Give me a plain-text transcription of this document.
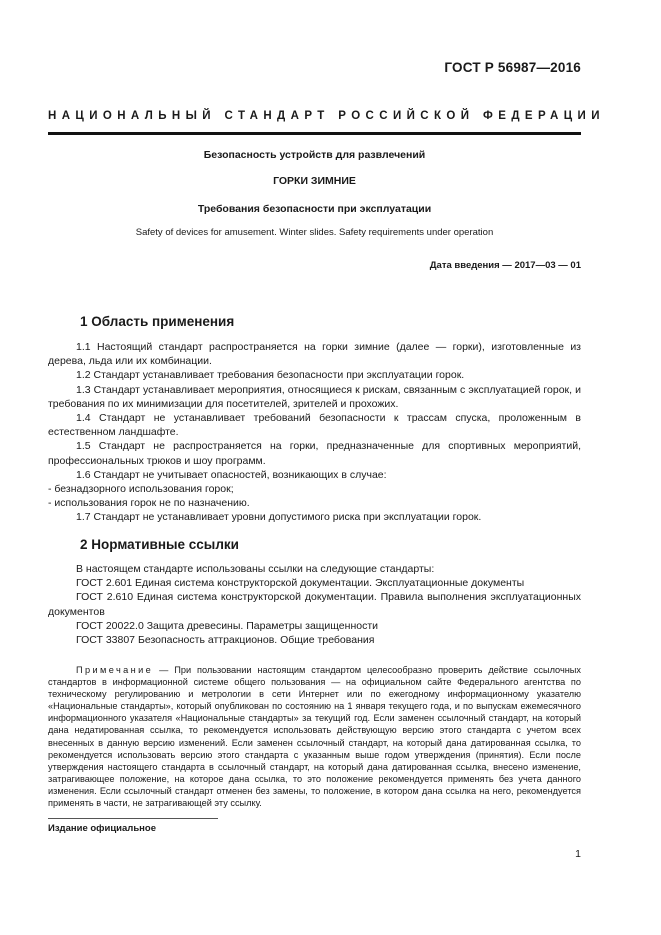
ГОСТ Р 56987—2016
НАЦИОНАЛЬНЫЙ СТАНДАРТ РОССИЙСКОЙ ФЕДЕРАЦИИ
Безопасность устройств для развлечений
ГОРКИ ЗИМНИЕ
Требования безопасности при эксплуатации
Safety of devices for amusement. Winter slides. Safety requirements under operation
Дата введения — 2017—03 — 01
1 Область применения

1.1 Настоящий стандарт распространяется на горки зимние (далее — горки), изготовленные из дерева, льда или их комбинации.

1.2 Стандарт устанавливает требования безопасности при эксплуатации горок.

1.3 Стандарт устанавливает мероприятия, относящиеся к рискам, связанным с эксплуатацией горок, и требования по их минимизации для посетителей, зрителей и прохожих.

1.4 Стандарт не устанавливает требований безопасности к трассам спуска, проложенным в естественном ландшафте.

1.5 Стандарт не распространяется на горки, предназначенные для спортивных мероприятий, профессиональных трюков и шоу программ.

1.6 Стандарт не учитывает опасностей, возникающих в случае:

- безнадзорного использования горок;

- использования горок не по назначению.

1.7 Стандарт не устанавливает уровни допустимого риска при эксплуатации горок.

2 Нормативные ссылки

В настоящем стандарте использованы ссылки на следующие стандарты:

ГОСТ 2.601 Единая система конструкторской документации. Эксплуатационные документы

ГОСТ 2.610 Единая система конструкторской документации. Правила выполнения эксплуатационных документов

ГОСТ 20022.0 Защита древесины. Параметры защищенности

ГОСТ 33807 Безопасность аттракционов. Общие требования

Примечание — При пользовании настоящим стандартом целесообразно проверить действие ссылочных стандартов в информационной системе общего пользования — на официальном сайте Федерального агентства по техническому регулированию и метрологии в сети Интернет или по ежегодному информационному указателю «Национальные стандарты», который опубликован по состоянию на 1 января текущего года, и по выпускам ежемесячного информационного указателя «Национальные стандарты» за текущий год. Если заменен ссылочный стандарт, на который дана недатированная ссылка, то рекомендуется использовать действующую версию этого стандарта с учетом всех внесенных в данную версию изменений. Если заменен ссылочный стандарт, на который дана датированная ссылка, то рекомендуется использовать версию этого стандарта с указанным выше годом утверждения (принятия). Если после утверждения настоящего стандарта в ссылочный стандарт, на который дана датированная ссылка, внесено изменение, затрагивающее положение, на которое дана ссылка, то это положение рекомендуется применять без учета данного изменения. Если ссылочный стандарт отменен без замены, то положение, в котором дана ссылка на него, рекомендуется применять в части, не затрагивающей эту ссылку.
Издание официальное
1
